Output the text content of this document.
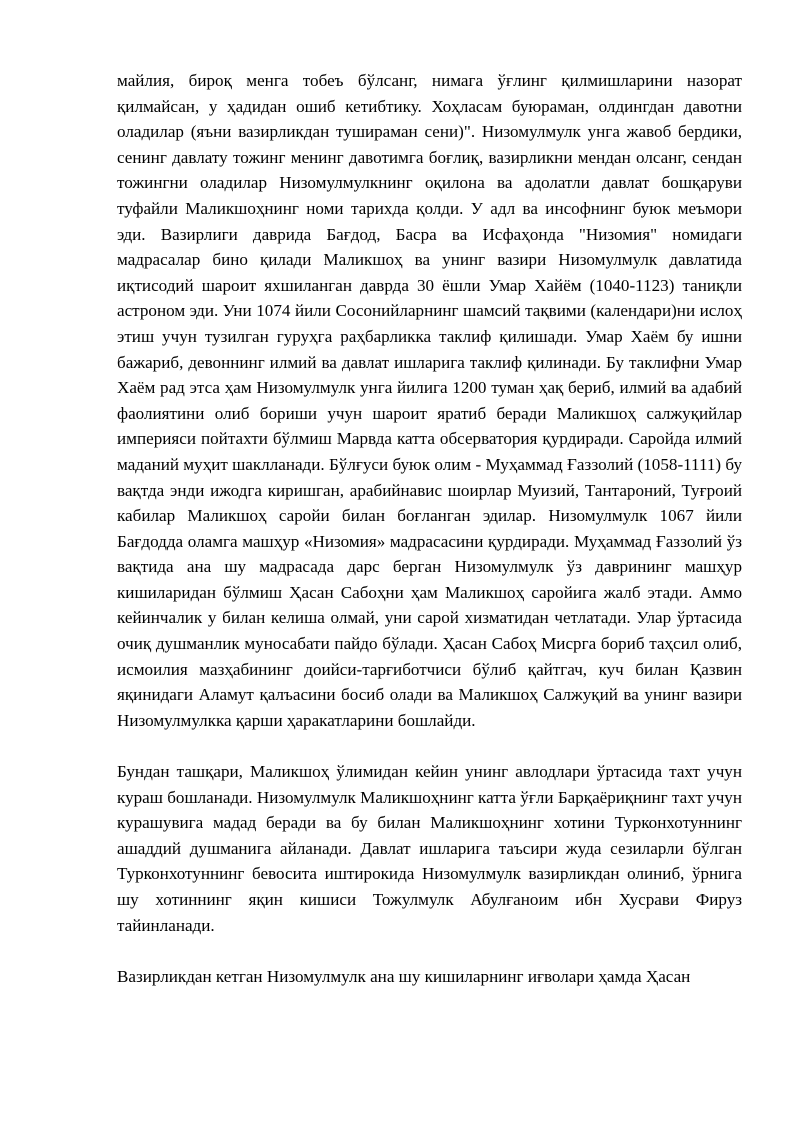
майлия, бироқ менга тобеъ бўлсанг, нимага ўғлинг қилмишларини назорат қилмайсан, у ҳадидан ошиб кетибтику. Хоҳласам буюраман, олдингдан давотни оладилар (яъни вазирликдан тушираман сени)". Низомулмулк унга жавоб бердики, сенинг давлату тожинг менинг давотимга боғлиқ, вазирликни мендан олсанг, сендан тожингни оладилар Низомулмулкнинг оқилона ва адолатли давлат бошқаруви туфайли Маликшоҳнинг номи тарихда қолди. У адл ва инсофнинг буюк меъмори эди. Вазирлиги даврида Бағдод, Басра ва Исфаҳонда "Низомия" номидаги мадрасалар бино қилади Маликшоҳ ва унинг вазири Низомулмулк давлатида иқтисодий шароит яхшиланган даврда 30 ёшли Умар Хайём (1040-1123) таниқли астроном эди. Уни 1074 йили Сосонийларнинг шамсий тақвими (календари)ни ислоҳ этиш учун тузилган гуруҳга раҳбарликка таклиф қилишади. Умар Хаём бу ишни бажариб, девоннинг илмий ва давлат ишларига таклиф қилинади. Бу таклифни Умар Хаём рад этса ҳам Низомулмулк унга йилига 1200 туман ҳақ бериб, илмий ва адабий фаолиятини олиб бориши учун шароит яратиб беради Маликшоҳ салжуқийлар империяси пойтахти бўлмиш Марвда катта обсерватория қурдиради. Саройда илмий маданий муҳит шаклланади. Бўлғуси буюк олим - Муҳаммад Ғаззолий (1058-1111) бу вақтда энди ижодга киришган, арабийнавис шоирлар Муизий, Тантароний, Туғроий кабилар Маликшоҳ саройи билан боғланган эдилар. Низомулмулк 1067 йили Бағдодда оламга машҳур «Низомия» мадрасасини қурдиради. Муҳаммад Ғаззолий ўз вақтида ана шу мадрасада дарс берган Низомулмулк ўз даврининг машҳур кишиларидан бўлмиш Ҳасан Сабоҳни ҳам Маликшоҳ саройига жалб этади. Аммо кейинчалик у билан келиша олмай, уни сарой хизматидан четлатади. Улар ўртасида очиқ душманлик муносабати пайдо бўлади. Ҳасан Сабоҳ Мисрга бориб таҳсил олиб, исмоилия мазҳабининг доийси-тарғиботчиси бўлиб қайтгач, куч билан Қазвин яқинидаги Аламут қалъасини босиб олади ва Маликшоҳ Салжуқий ва унинг вазири Низомулмулкка қарши ҳаракатларини бошлайди.

Бундан ташқари, Маликшоҳ ўлимидан кейин унинг авлодлари ўртасида тахт учун кураш бошланади. Низомулмулк Маликшоҳнинг катта ўғли Барқаёриқнинг тахт учун курашувига мадад беради ва бу билан Маликшоҳнинг хотини Турконхотуннинг ашаддий душманига айланади. Давлат ишларига таъсири жуда сезиларли бўлган Турконхотуннинг бевосита иштирокида Низомулмулк вазирликдан олиниб, ўрнига шу хотиннинг яқин кишиси Тожулмулк Абулғаноим ибн Хусрави Фируз тайинланади.

Вазирликдан кетган Низомулмулк ана шу кишиларнинг иғволари ҳамда Ҳасан
